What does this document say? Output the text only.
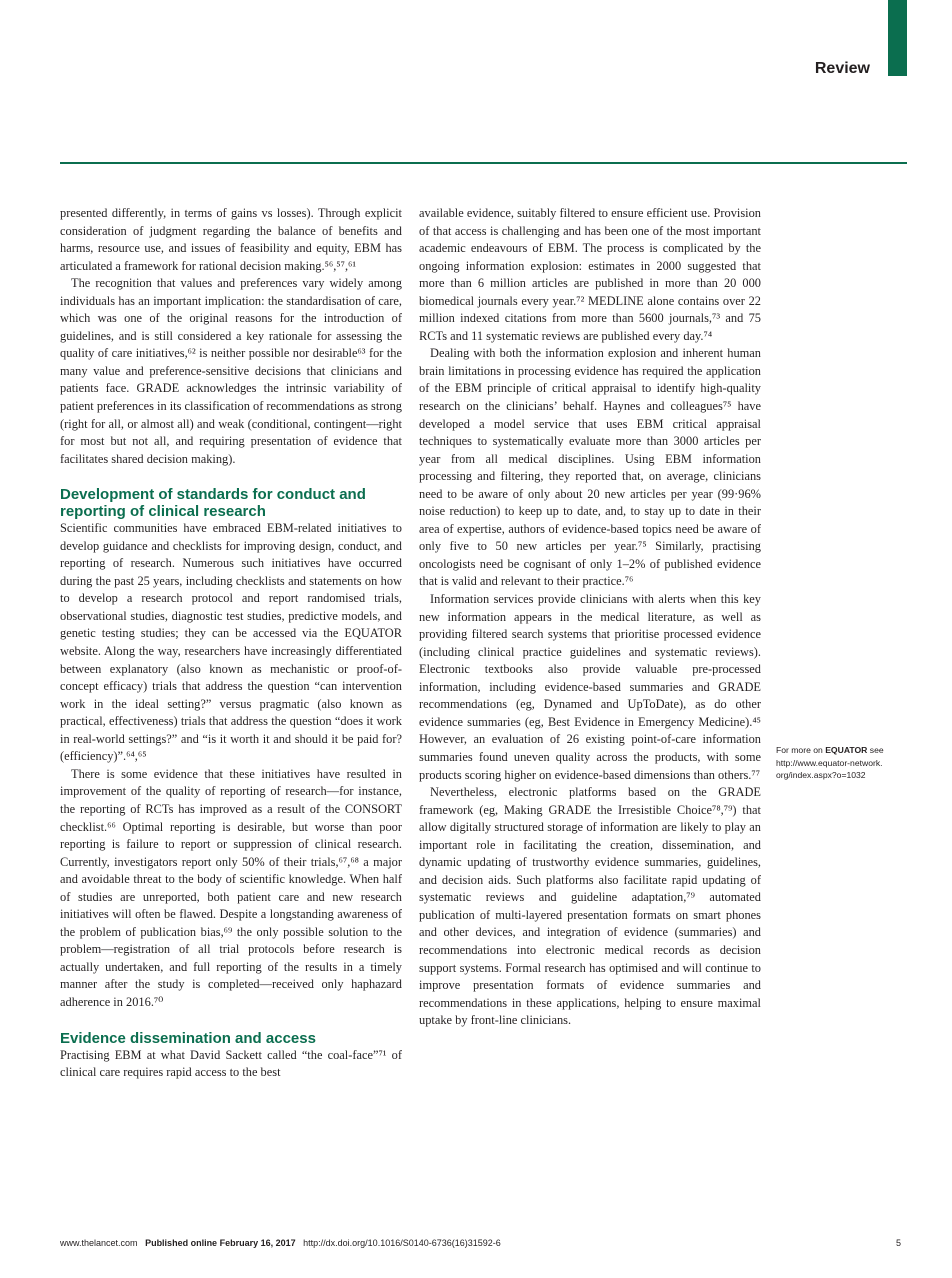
Review

presented differently, in terms of gains vs losses). Through explicit consideration of judgment regarding the balance of benefits and harms, resource use, and issues of feasibility and equity, EBM has articulated a framework for rational decision making.⁵⁶,⁵⁷,⁶¹

The recognition that values and preferences vary widely among individuals has an important implication: the standardisation of care, which was one of the original reasons for the introduction of guidelines, and is still considered a key rationale for assessing the quality of care initiatives,⁶² is neither possible nor desirable⁶³ for the many value and preference-sensitive decisions that clinicians and patients face. GRADE acknowledges the intrinsic variability of patient preferences in its classification of recommendations as strong (right for all, or almost all) and weak (conditional, contingent—right for most but not all, and requiring presentation of evidence that facilitates shared decision making).

Development of standards for conduct and reporting of clinical research

Scientific communities have embraced EBM-related initiatives to develop guidance and checklists for improving design, conduct, and reporting of research. Numerous such initiatives have occurred during the past 25 years, including checklists and statements on how to develop a research protocol and report randomised trials, observational studies, diagnostic test studies, predictive models, and genetic testing studies; they can be accessed via the EQUATOR website. Along the way, researchers have increasingly differentiated between explanatory (also known as mechanistic or proof-of-concept efficacy) trials that address the question “can intervention work in the ideal setting?” versus pragmatic (also known as practical, effectiveness) trials that address the question “does it work in real-world settings?” and “is it worth it and should it be paid for? (efficiency)”.⁶⁴,⁶⁵

There is some evidence that these initiatives have resulted in improvement of the quality of reporting of research—for instance, the reporting of RCTs has improved as a result of the CONSORT checklist.⁶⁶ Optimal reporting is desirable, but worse than poor reporting is failure to report or suppression of clinical research. Currently, investigators report only 50% of their trials,⁶⁷,⁶⁸ a major and avoidable threat to the body of scientific knowledge. When half of studies are unreported, both patient care and new research initiatives will often be flawed. Despite a longstanding awareness of the problem of publication bias,⁶⁹ the only possible solution to the problem—registration of all trial protocols before research is actually undertaken, and full reporting of the results in a timely manner after the study is completed—received only haphazard adherence in 2016.⁷⁰

Evidence dissemination and access

Practising EBM at what David Sackett called “the coal-face”⁷¹ of clinical care requires rapid access to the best

available evidence, suitably filtered to ensure efficient use. Provision of that access is challenging and has been one of the most important academic endeavours of EBM. The process is complicated by the ongoing information explosion: estimates in 2000 suggested that more than 6 million articles are published in more than 20 000 biomedical journals every year.⁷² MEDLINE alone contains over 22 million indexed citations from more than 5600 journals,⁷³ and 75 RCTs and 11 systematic reviews are published every day.⁷⁴

Dealing with both the information explosion and inherent human brain limitations in processing evidence has required the application of the EBM principle of critical appraisal to identify high-quality research on the clinicians’ behalf. Haynes and colleagues⁷⁵ have developed a model service that uses EBM critical appraisal techniques to systematically evaluate more than 3000 articles per year from all medical disciplines. Using EBM information processing and filtering, they reported that, on average, clinicians need to be aware of only about 20 new articles per year (99·96% noise reduction) to keep up to date, and, to stay up to date in their area of expertise, authors of evidence-based topics need be aware of only five to 50 new articles per year.⁷⁵ Similarly, practising oncologists need be cognisant of only 1–2% of published evidence that is valid and relevant to their practice.⁷⁶

Information services provide clinicians with alerts when this key new information appears in the medical literature, as well as providing filtered search systems that prioritise processed evidence (including clinical practice guidelines and systematic reviews). Electronic textbooks also provide valuable pre-processed information, including evidence-based summaries and GRADE recommendations (eg, Dynamed and UpToDate), as do other evidence summaries (eg, Best Evidence in Emergency Medicine).⁴⁵ However, an evaluation of 26 existing point-of-care information summaries found uneven quality across the products, with some products scoring higher on evidence-based dimensions than others.⁷⁷

Nevertheless, electronic platforms based on the GRADE framework (eg, Making GRADE the Irresistible Choice⁷⁸,⁷⁹) that allow digitally structured storage of information are likely to play an important role in facilitating the creation, dissemination, and dynamic updating of trustworthy evidence summaries, guidelines, and decision aids. Such platforms also facilitate rapid updating of systematic reviews and guideline adaptation,⁷⁹ automated publication of multi-layered presentation formats on smart phones and other devices, and integration of evidence (summaries) and recommendations into electronic medical records as decision support systems. Formal research has optimised and will continue to improve presentation formats of evidence summaries and recommendations in these applications, helping to ensure maximal uptake by front-line clinicians.

For more on EQUATOR see
http://www.equator-network.
org/index.aspx?o=1032
www.thelancet.com Published online February 16, 2017 http://dx.doi.org/10.1016/S0140-6736(16)31592-6	5
